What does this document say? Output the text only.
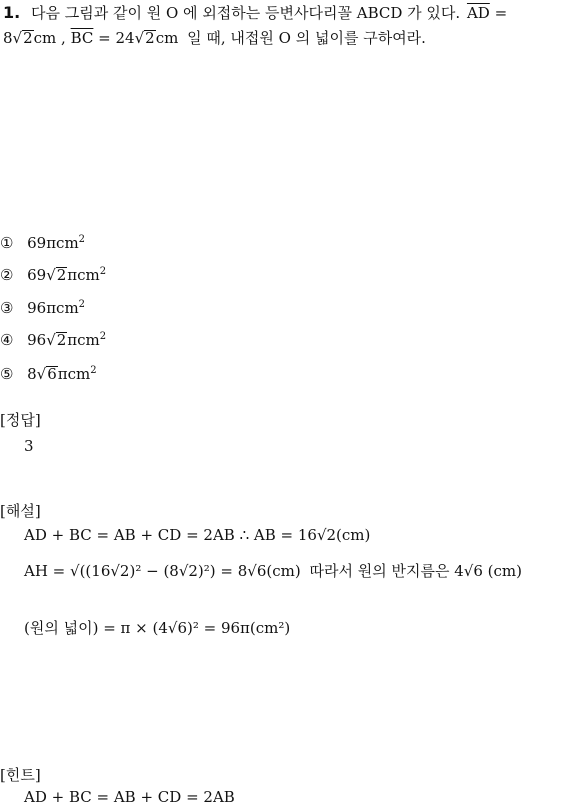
1. 다음 그림과 같이 원 O 에 외접하는 등변사다리꼴 ABCD 가 있다. $\overline{AD}$ =
8√2cm , $\overline{BC} = 24√2cm$ 일 때, 내접원 O 의 넓이를 구하여라.
① 69πcm$^2$
② 69√2πcm$^2$
③ 96πcm$^2$
④ 96√2πcm$^2$
⑤ 8√6πcm$^2$
[정답]
3
[해설]
AD + BC = AB + CD = 2AB ∴ AB = 16√2(cm)
AH = √((16√2)² − (8√2)²) = 8√6(cm) 따라서 원의 반지름은 4√6 (cm)
(원의 넓이) = π × (4√6)² = 96π(cm²)
[힌트]
AD + BC = AB + CD = 2AB
